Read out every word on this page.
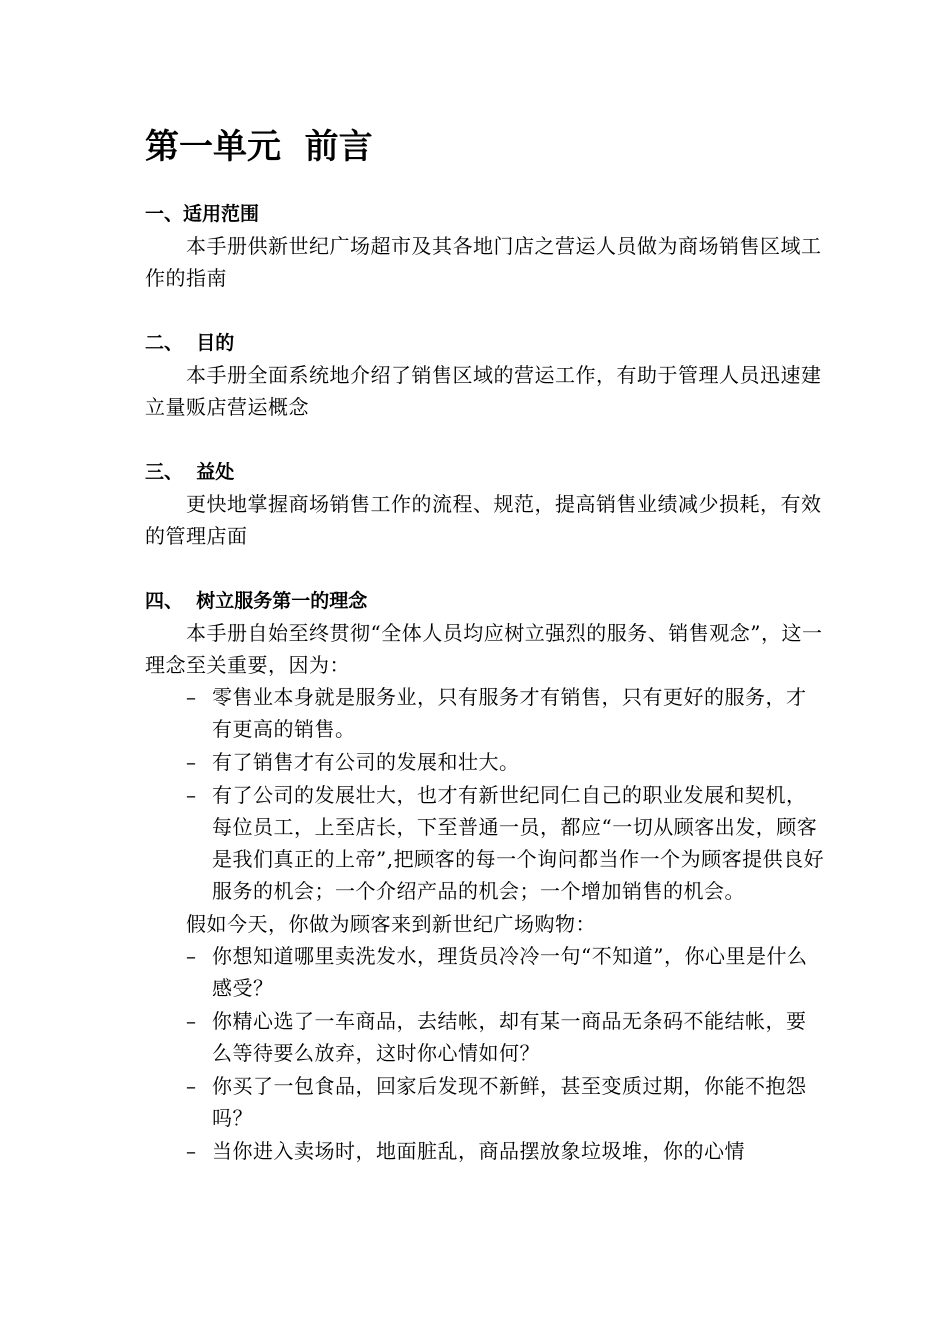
第一单元  前言
一、适用范围
本手册供新世纪广场超市及其各地门店之营运人员做为商场销售区域工作的指南
二、  目的
本手册全面系统地介绍了销售区域的营运工作，有助于管理人员迅速建立量贩店营运概念
三、  益处
更快地掌握商场销售工作的流程、规范，提高销售业绩减少损耗，有效的管理店面
四、  树立服务第一的理念
本手册自始至终贯彻“全体人员均应树立强烈的服务、销售观念”，这一理念至关重要，因为：
– 零售业本身就是服务业，只有服务才有销售，只有更好的服务，才有更高的销售。
– 有了销售才有公司的发展和壮大。
– 有了公司的发展壮大，也才有新世纪同仁自己的职业发展和契机，每位员工，上至店长，下至普通一员，都应“一切从顾客出发，顾客是我们真正的上帝”,把顾客的每一个询问都当作一个为顾客提供良好服务的机会；一个介绍产品的机会；一个增加销售的机会。
假如今天，你做为顾客来到新世纪广场购物：
– 你想知道哪里卖洗发水，理货员冷冷一句“不知道”，你心里是什么感受？
– 你精心选了一车商品，去结帐，却有某一商品无条码不能结帐，要么等待要么放弃，这时你心情如何？
– 你买了一包食品，回家后发现不新鲜，甚至变质过期，你能不抱怨吗？
– 当你进入卖场时，地面脏乱，商品摆放象垃圾堆，你的心情
